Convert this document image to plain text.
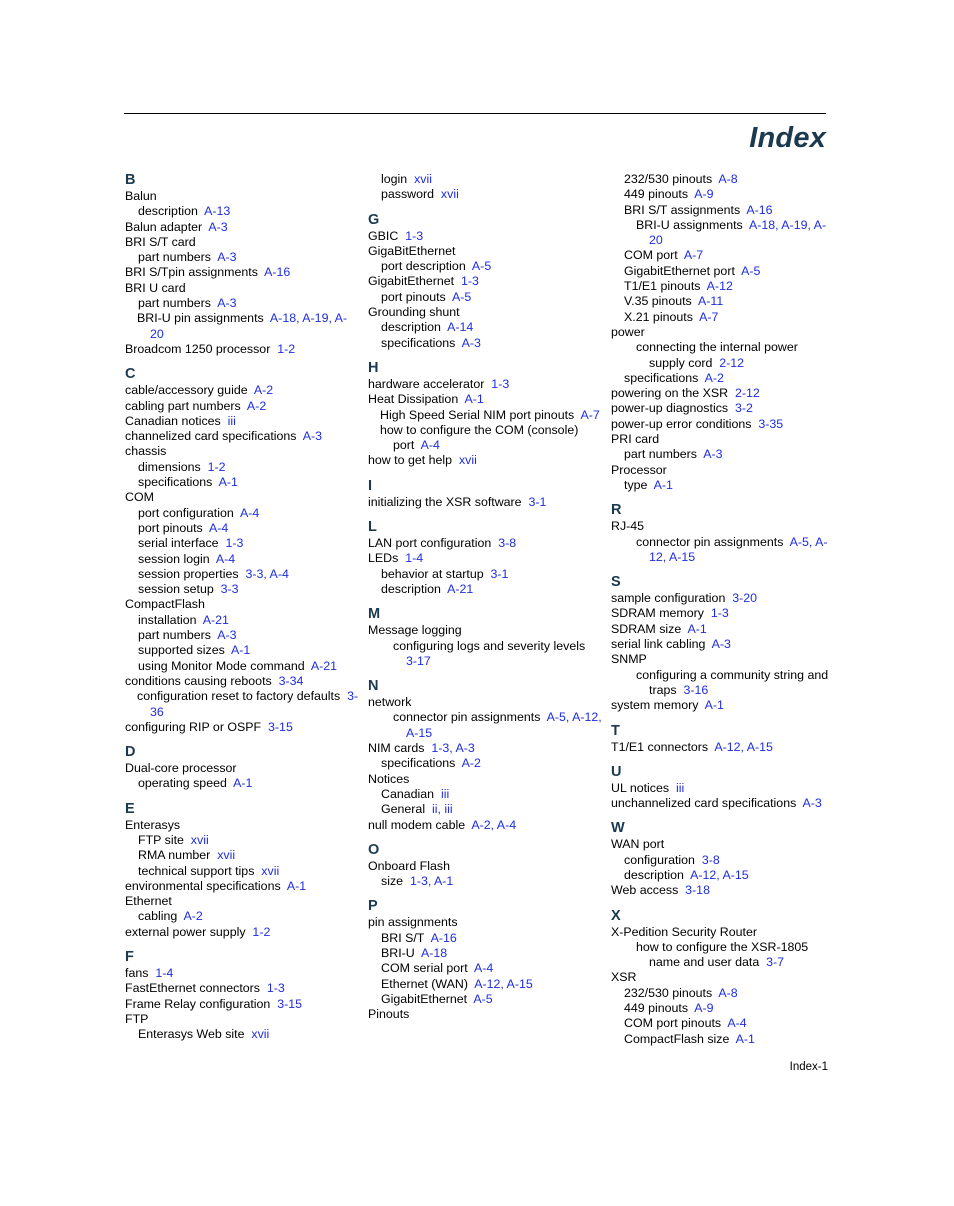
Index
B
Balun
description A-13
Balun adapter A-3
BRI S/T card
part numbers A-3
BRI S/Tpin assignments A-16
BRI U card
part numbers A-3
BRI-U pin assignments A-18, A-19, A-20
Broadcom 1250 processor 1-2
C
cable/accessory guide A-2
cabling part numbers A-2
Canadian notices iii
channelized card specifications A-3
chassis
dimensions 1-2
specifications A-1
COM
port configuration A-4
port pinouts A-4
serial interface 1-3
session login A-4
session properties 3-3, A-4
session setup 3-3
CompactFlash
installation A-21
part numbers A-3
supported sizes A-1
using Monitor Mode command A-21
conditions causing reboots 3-34
configuration reset to factory defaults 3-36
configuring RIP or OSPF 3-15
D
Dual-core processor
operating speed A-1
E
Enterasys
FTP site xvii
RMA number xvii
technical support tips xvii
environmental specifications A-1
Ethernet
cabling A-2
external power supply 1-2
F
fans 1-4
FastEthernet connectors 1-3
Frame Relay configuration 3-15
FTP
Enterasys Web site xvii
login xvii
password xvii
G
GBIC 1-3
GigaBitEthernet
port description A-5
GigabitEthernet 1-3
port pinouts A-5
Grounding shunt
description A-14
specifications A-3
H
hardware accelerator 1-3
Heat Dissipation A-1
High Speed Serial NIM port pinouts A-7
how to configure the COM (console) port A-4
how to get help xvii
I
initializing the XSR software 3-1
L
LAN port configuration 3-8
LEDs 1-4
behavior at startup 3-1
description A-21
M
Message logging
configuring logs and severity levels  3-17
N
network
connector pin assignments A-5, A-12, A-15
NIM cards 1-3, A-3
specifications A-2
Notices
Canadian iii
General ii, iii
null modem cable A-2, A-4
O
Onboard Flash
size 1-3, A-1
P
pin assignments
BRI S/T A-16
BRI-U A-18
COM serial port A-4
Ethernet (WAN) A-12, A-15
GigabitEthernet A-5
Pinouts
232/530 pinouts A-8
449 pinouts A-9
BRI S/T assignments A-16
BRI-U assignments A-18, A-19, A-20
COM port A-7
GigabitEthernet port A-5
T1/E1 pinouts A-12
V.35 pinouts A-11
X.21 pinouts A-7
power
connecting the internal power supply cord 2-12
specifications A-2
powering on the XSR 2-12
power-up diagnostics 3-2
power-up error conditions 3-35
PRI card
part numbers A-3
Processor
type A-1
R
RJ-45
connector pin assignments A-5, A-12, A-15
S
sample configuration 3-20
SDRAM memory 1-3
SDRAM size A-1
serial link cabling A-3
SNMP
configuring a community string and traps 3-16
system memory A-1
T
T1/E1 connectors A-12, A-15
U
UL notices iii
unchannelized card specifications A-3
W
WAN port
configuration 3-8
description A-12, A-15
Web access 3-18
X
X-Pedition Security Router
how to configure the XSR-1805 name and user data 3-7
XSR
232/530 pinouts A-8
449 pinouts A-9
COM port pinouts A-4
CompactFlash size A-1
Index-1
